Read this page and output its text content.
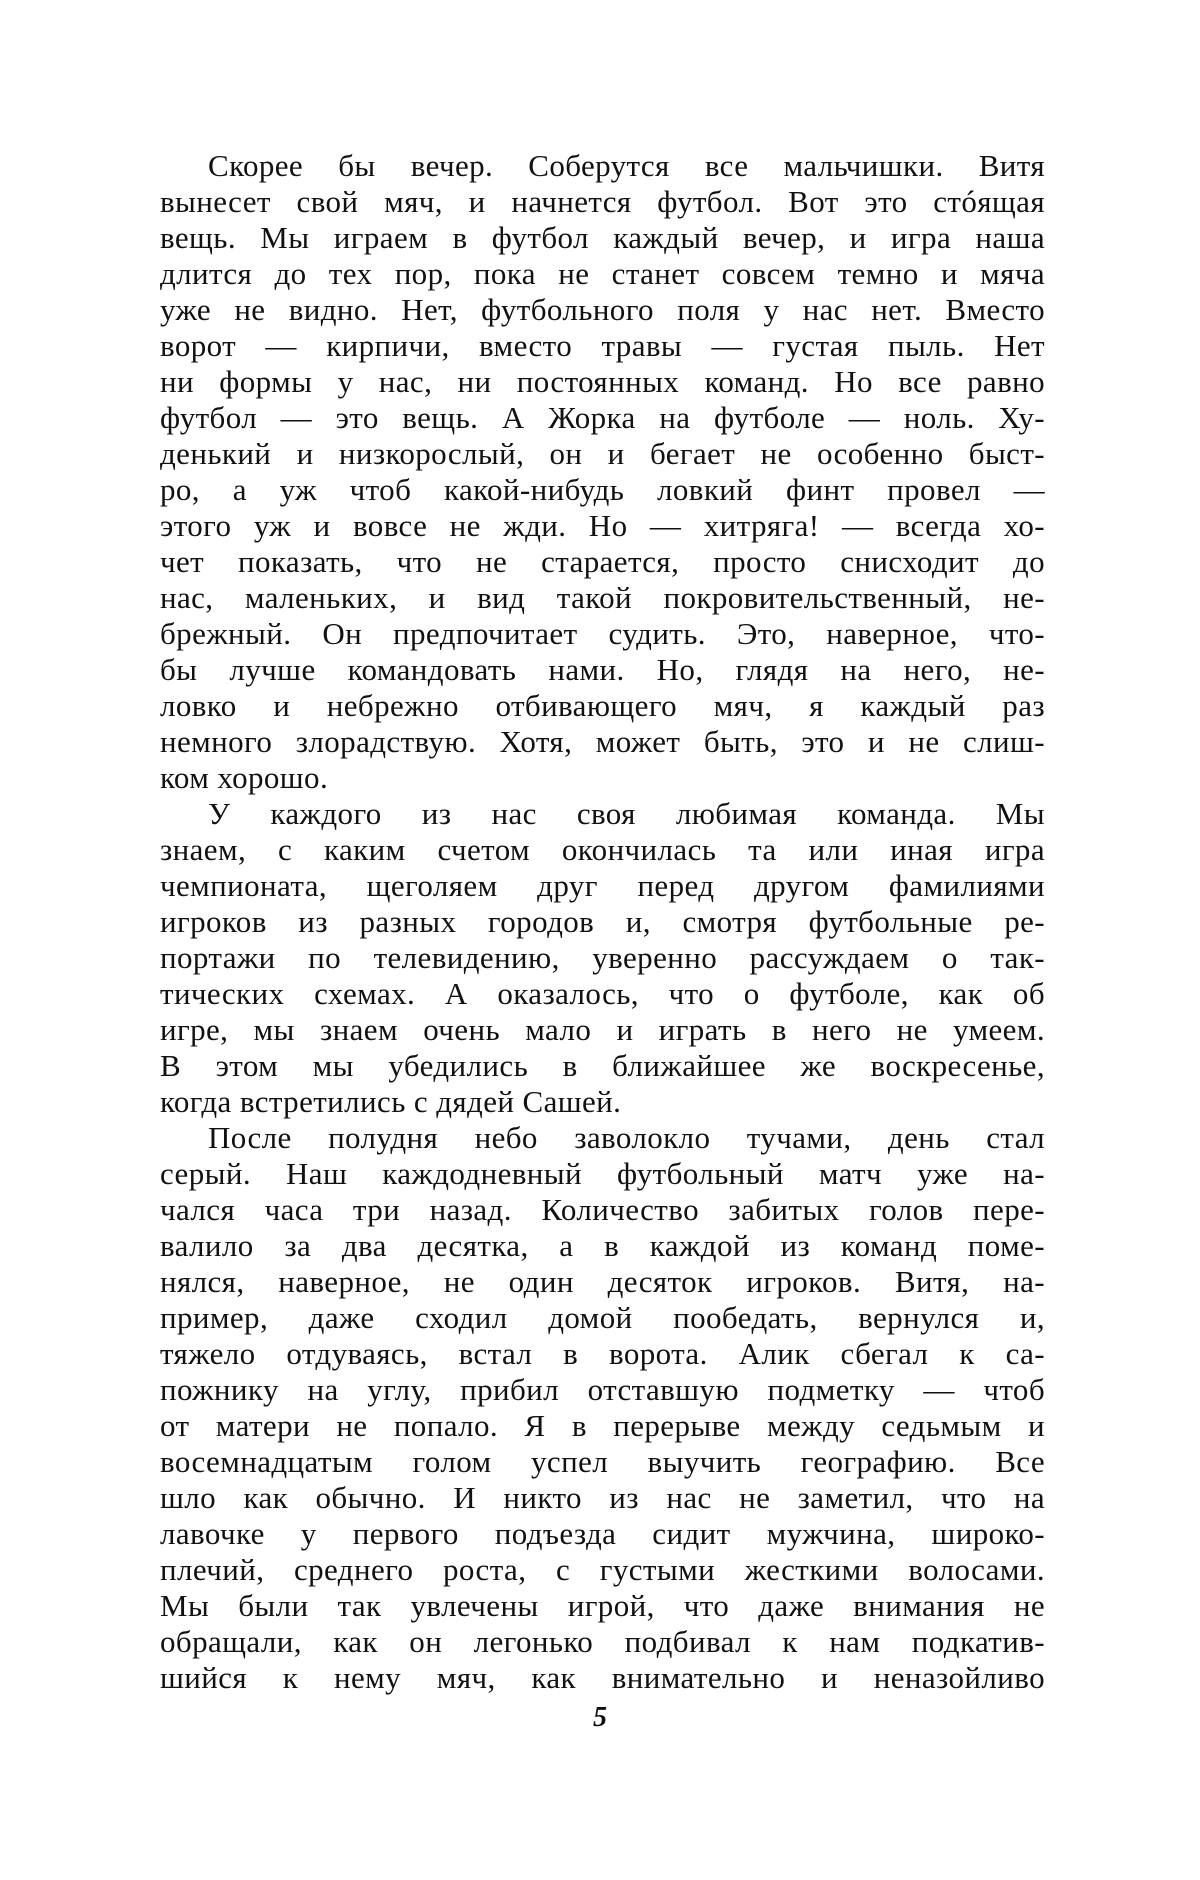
Скорее бы вечер. Соберутся все мальчишки. Витя
вынесет свой мяч, и начнется футбол. Вот это стóящая
вещь. Мы играем в футбол каждый вечер, и игра наша
длится до тех пор, пока не станет совсем темно и мяча
уже не видно. Нет, футбольного поля у нас нет. Вместо
ворот — кирпичи, вместо травы — густая пыль. Нет
ни формы у нас, ни постоянных команд. Но все равно
футбол — это вещь. А Жорка на футболе — ноль. Ху-
денький и низкорослый, он и бегает не особенно быст-
ро, а уж чтоб какой-нибудь ловкий финт провел —
этого уж и вовсе не жди. Но — хитряга! — всегда хо-
чет показать, что не старается, просто снисходит до
нас, маленьких, и вид такой покровительственный, не-
брежный. Он предпочитает судить. Это, наверное, что-
бы лучше командовать нами. Но, глядя на него, не-
ловко и небрежно отбивающего мяч, я каждый раз
немного злорадствую. Хотя, может быть, это и не слиш-
ком хорошо.
У каждого из нас своя любимая команда. Мы
знаем, с каким счетом окончилась та или иная игра
чемпионата, щеголяем друг перед другом фамилиями
игроков из разных городов и, смотря футбольные ре-
портажи по телевидению, уверенно рассуждаем о так-
тических схемах. А оказалось, что о футболе, как об
игре, мы знаем очень мало и играть в него не умеем.
В этом мы убедились в ближайшее же воскресенье,
когда встретились с дядей Сашей.
После полудня небо заволокло тучами, день стал
серый. Наш каждодневный футбольный матч уже на-
чался часа три назад. Количество забитых голов пере-
валило за два десятка, а в каждой из команд поме-
нялся, наверное, не один десяток игроков. Витя, на-
пример, даже сходил домой пообедать, вернулся и,
тяжело отдуваясь, встал в ворота. Алик сбегал к са-
пожнику на углу, прибил отставшую подметку — чтоб
от матери не попало. Я в перерыве между седьмым и
восемнадцатым голом успел выучить географию. Все
шло как обычно. И никто из нас не заметил, что на
лавочке у первого подъезда сидит мужчина, широко-
плечий, среднего роста, с густыми жесткими волосами.
Мы были так увлечены игрой, что даже внимания не
обращали, как он легонько подбивал к нам подкатив-
шийся к нему мяч, как внимательно и неназойливо
5
